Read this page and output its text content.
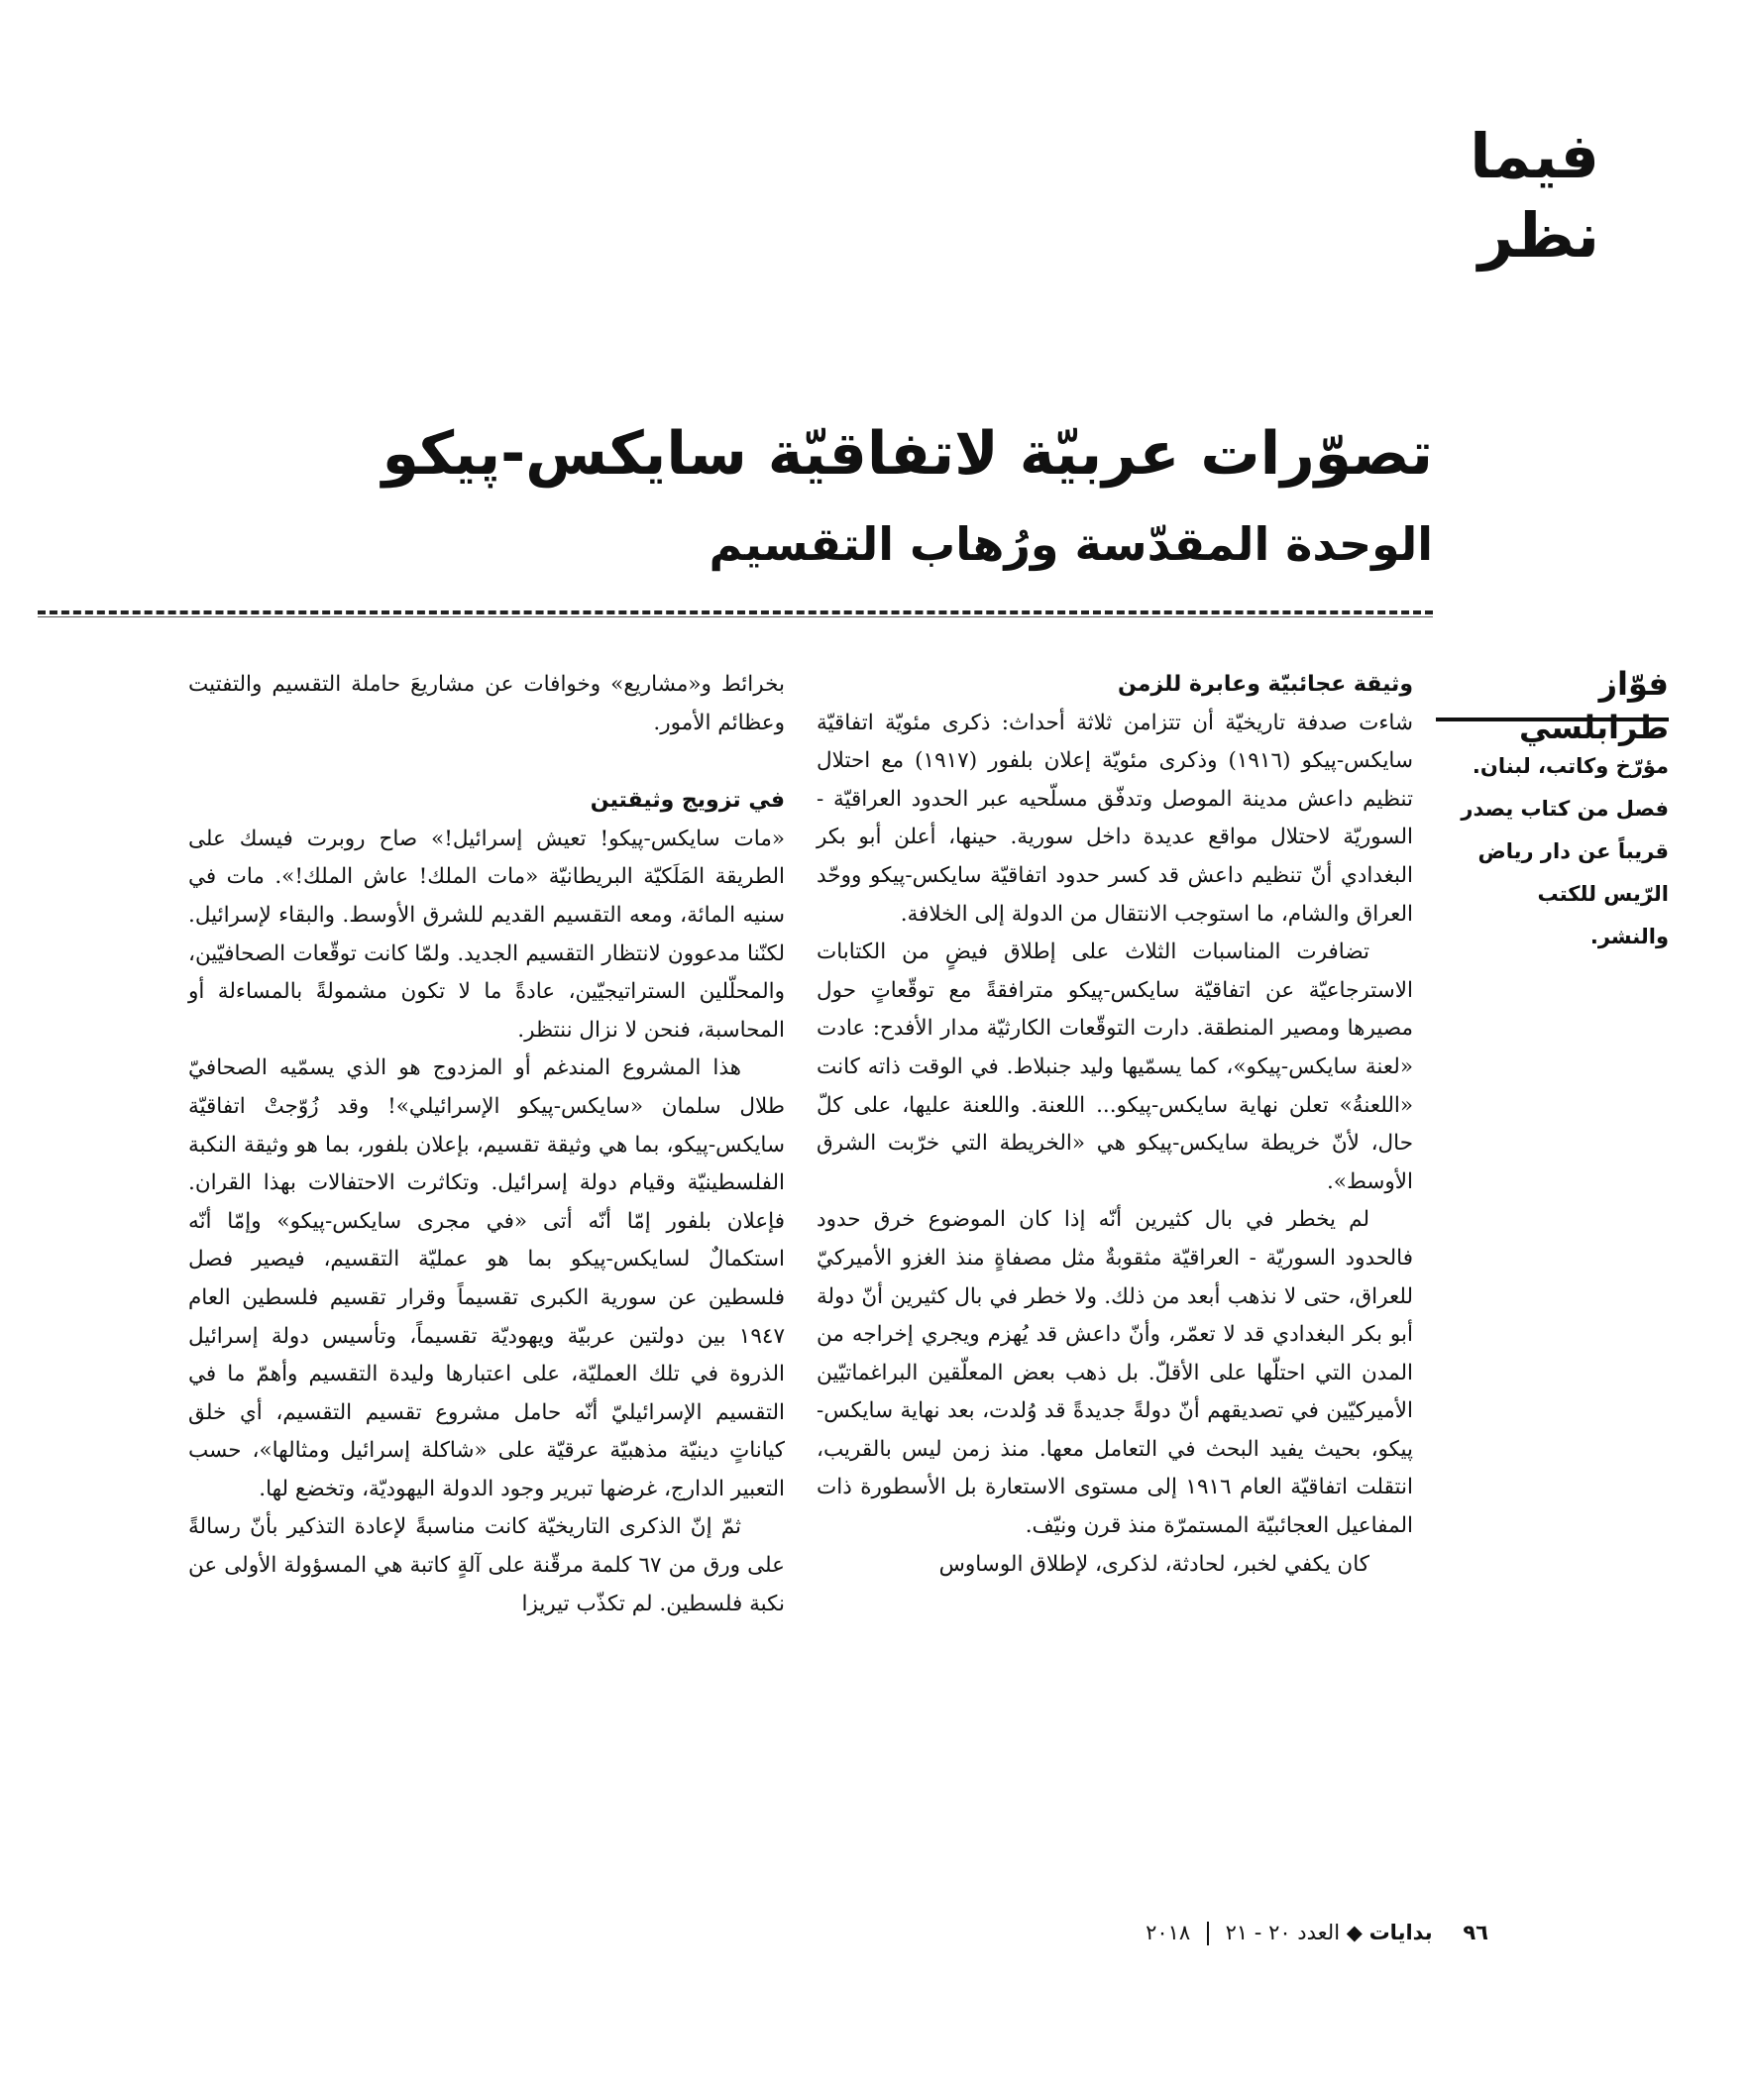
فيما نظر
تصوّرات عربيّة لاتفاقيّة سايكس-پيكو
الوحدة المقدّسة ورُهاب التقسيم
فوّاز طرابلسي
مؤرّخ وكاتب، لبنان. فصل من كتاب يصدر قريباً عن دار رياض الرّيس للكتب والنشر.
وثيقة عجائبيّة وعابرة للزمن

شاءت صدفة تاريخيّة أن تتزامن ثلاثة أحداث: ذكرى مئويّة اتفاقيّة سايكس-پيكو (١٩١٦) وذكرى مئويّة إعلان بلفور (١٩١٧) مع احتلال تنظيم داعش مدينة الموصل وتدفّق مسلّحيه عبر الحدود العراقيّة - السوريّة لاحتلال مواقع عديدة داخل سورية. حينها، أعلن أبو بكر البغدادي أنّ تنظيم داعش قد كسر حدود اتفاقيّة سايكس-پيكو ووحّد العراق والشام، ما استوجب الانتقال من الدولة إلى الخلافة.

تضافرت المناسبات الثلاث على إطلاق فيضٍ من الكتابات الاسترجاعيّة عن اتفاقيّة سايكس-پيكو مترافقةً مع توقّعاتٍ حول مصيرها ومصير المنطقة. دارت التوقّعات الكارثيّة مدار الأفدح: عادت «لعنة سايكس-پيكو»، كما يسمّيها وليد جنبلاط. في الوقت ذاته كانت «اللعنةُ» تعلن نهاية سايكس-پيكو... اللعنة. واللعنة عليها، على كلّ حال، لأنّ خريطة سايكس-پيكو هي «الخريطة التي خرّبت الشرق الأوسط».

لم يخطر في بال كثيرين أنّه إذا كان الموضوع خرق حدود فالحدود السوريّة - العراقيّة مثقوبةٌ مثل مصفاةٍ منذ الغزو الأميركيّ للعراق، حتى لا نذهب أبعد من ذلك. ولا خطر في بال كثيرين أنّ دولة أبو بكر البغدادي قد لا تعمّر، وأنّ داعش قد يُهزم ويجري إخراجه من المدن التي احتلّها على الأقلّ. بل ذهب بعض المعلّقين البراغماتيّين الأميركيّين في تصديقهم أنّ دولةً جديدةً قد وُلدت، بعد نهاية سايكس-پيكو، بحيث يفيد البحث في التعامل معها. منذ زمن ليس بالقريب، انتقلت اتفاقيّة العام ١٩١٦ إلى مستوى الاستعارة بل الأسطورة ذات المفاعيل العجائبيّة المستمرّة منذ قرن ونيّف.

كان يكفي لخبر، لحادثة، لذكرى، لإطلاق الوساوس

بخرائط و«مشاريع» وخوافات عن مشاريعَ حاملة التقسيم والتفتيت وعظائم الأمور.

في تزويج وثيقتين

«مات سايكس-پيكو! تعيش إسرائيل!» صاح روبرت فيسك على الطريقة المَلَكيّة البريطانيّة «مات الملك! عاش الملك!». مات في سنيه المائة، ومعه التقسيم القديم للشرق الأوسط. والبقاء لإسرائيل. لكنّنا مدعوون لانتظار التقسيم الجديد. ولمّا كانت توقّعات الصحافيّين، والمحلّلين الستراتيجيّين، عادةً ما لا تكون مشمولةً بالمساءلة أو المحاسبة، فنحن لا نزال ننتظر.

هذا المشروع المندغم أو المزدوج هو الذي يسمّيه الصحافيّ طلال سلمان «سايكس-پيكو الإسرائيلي»! وقد زُوّجتْ اتفاقيّة سايكس-پيكو، بما هي وثيقة تقسيم، بإعلان بلفور، بما هو وثيقة النكبة الفلسطينيّة وقيام دولة إسرائيل. وتكاثرت الاحتفالات بهذا القران. فإعلان بلفور إمّا أنّه أتى «في مجرى سايكس-پيكو» وإمّا أنّه استكمالٌ لسايكس-پيكو بما هو عمليّة التقسيم، فيصير فصل فلسطين عن سورية الكبرى تقسيماً وقرار تقسيم فلسطين العام ١٩٤٧ بين دولتين عربيّة ويهوديّة تقسيماً، وتأسيس دولة إسرائيل الذروة في تلك العمليّة، على اعتبارها وليدة التقسيم وأهمّ ما في التقسيم الإسرائيليّ أنّه حامل مشروع تقسيم التقسيم، أي خلق كياناتٍ دينيّة مذهبيّة عرقيّة على «شاكلة إسرائيل ومثالها»، حسب التعبير الدارج، غرضها تبرير وجود الدولة اليهوديّة، وتخضع لها.

ثمّ إنّ الذكرى التاريخيّة كانت مناسبةً لإعادة التذكير بأنّ رسالةً على ورق من ٦٧ كلمة مرقّنة على آلةٍ كاتبة هي المسؤولة الأولى عن نكبة فلسطين. لم تكذّب تيريزا

٩٦ بدايات ◆ العدد ٢٠ - ٢١  ٢٠١٨
